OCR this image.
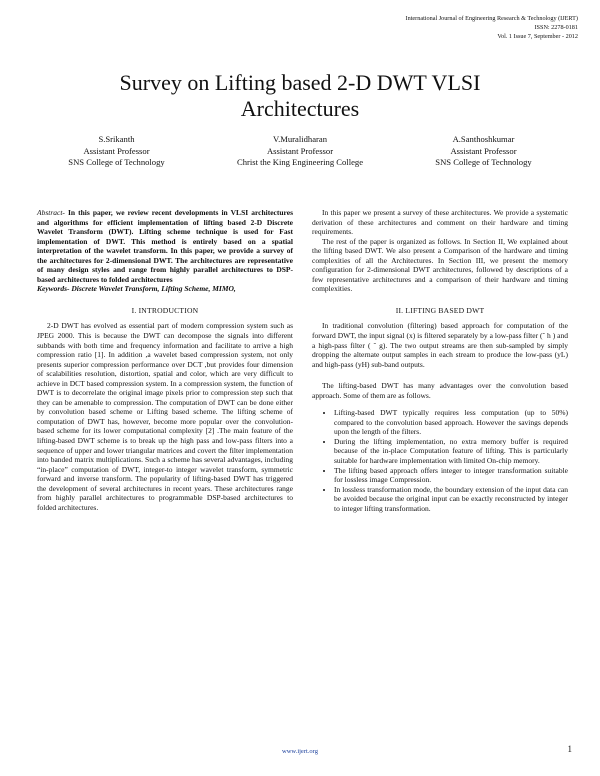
International Journal of Engineering Research & Technology (IJERT)
ISSN: 2278-0181
Vol. 1 Issue 7, September - 2012
Survey on Lifting based 2-D DWT VLSI
Architectures
S.Srikanth
Assistant Professor
SNS College of Technology
V.Muralidharan
Assistant Professor
Christ the King Engineering College
A.Santhoshkumar
Assistant Professor
SNS College of Technology

Abstract- In this paper, we review recent developments in VLSI architectures and algorithms for efficient implementation of lifting based 2-D Discrete Wavelet Transform (DWT). Lifting scheme technique is used for Fast implementation of DWT. This method is entirely based on a spatial interpretation of the wavelet transform. In this paper, we provide a survey of the architectures for 2-dimensional DWT. The architectures are representative of many design styles and range from highly parallel architectures to DSP-based architectures to folded architectures

Keywords- Discrete Wavelet Transform, Lifting Scheme, MIMO,

I. INTRODUCTION

2-D DWT has evolved as essential part of modern compression system such as JPEG 2000. This is because the DWT can decompose the signals into different subbands with both time and frequency information and facilitate to arrive a high compression ratio [1]. In addition ,a wavelet based compression system, not only presents superior compression performance over DCT ,but provides four dimension of scalabilities resolution, distortion, spatial and color, which are very difficult to achieve in DCT based compression system. In a compression system, the function of DWT is to decorrelate the original image pixels prior to compression step such that they can be amenable to compression. The computation of DWT can be done either by convolution based scheme or Lifting based scheme. The lifting scheme of computation of DWT has, however, become more popular over the convolution-based scheme for its lower computational complexity [2] .The main feature of the lifting-based DWT scheme is to break up the high pass and low-pass filters into a sequence of upper and lower triangular matrices and covert the filter implementation into banded matrix multiplications. Such a scheme has several advantages, including “in-place” computation of DWT, integer-to integer wavelet transform, symmetric forward and inverse transform. The popularity of lifting-based DWT has triggered the development of several architectures in recent years. These architectures range from highly parallel architectures to programmable DSP-based architectures to folded architectures.

In this paper we present a survey of these architectures. We provide a systematic derivation of these architectures and comment on their hardware and timing requirements.

The rest of the paper is organized as follows. In Section II, We explained about the lifting based DWT. We also present a Comparison of the hardware and timing complexities of all the Architectures. In Section III, we present the memory configuration for 2-dimensional DWT architectures, followed by descriptions of a few representative architectures and a comparison of their hardware and timing complexities.

II. LIFTING BASED DWT

In traditional convolution (filtering) based approach for computation of the forward DWT, the input signal (x) is filtered separately by a low-pass filter (˜ h ) and a high-pass filter ( ˜ g). The two output streams are then sub-sampled by simply dropping the alternate output samples in each stream to produce the low-pass (yL) and high-pass (yH) sub-band outputs.

The lifting-based DWT has many advantages over the convolution based approach. Some of them are as follows.

• Lifting-based DWT typically requires less computation (up to 50%) compared to the convolution based approach. However the savings depends upon the length of the filters.
• During the lifting implementation, no extra memory buffer is required because of the in-place Computation feature of lifting. This is particularly suitable for hardware implementation with limited On-chip memory.
• The lifting based approach offers integer to integer transformation suitable for lossless image Compression.
• In lossless transformation mode, the boundary extension of the input data can be avoided because the original input can be exactly reconstructed by integer to integer lifting transformation.
www.ijert.org	1
